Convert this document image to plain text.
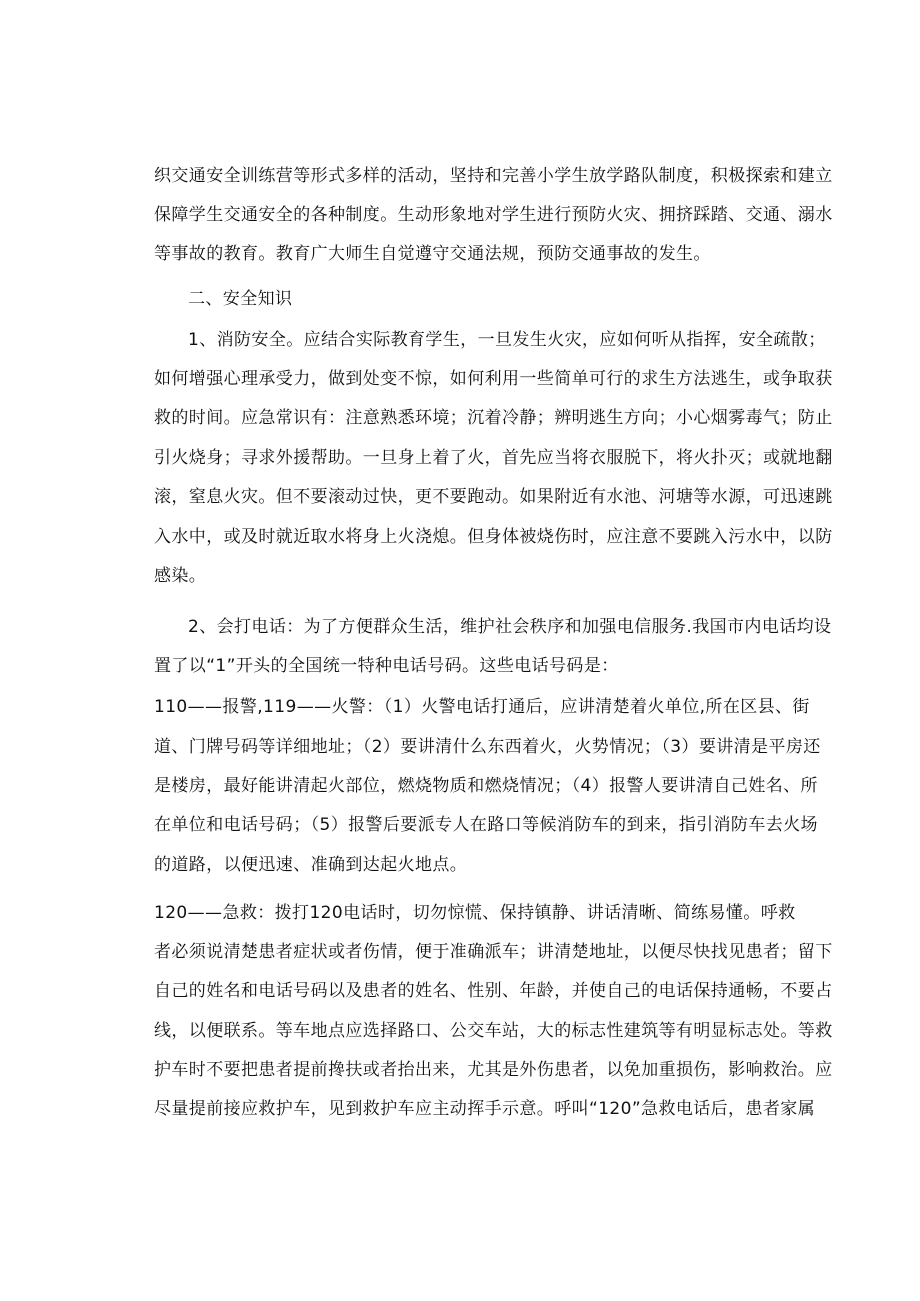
织交通安全训练营等形式多样的活动，坚持和完善小学生放学路队制度，积极探索和建立
保障学生交通安全的各种制度。生动形象地对学生进行预防火灾、拥挤踩踏、交通、溺水
等事故的教育。教育广大师生自觉遵守交通法规，预防交通事故的发生。
二、安全知识
1、消防安全。应结合实际教育学生，一旦发生火灾，应如何听从指挥，安全疏散；
如何增强心理承受力，做到处变不惊，如何利用一些简单可行的求生方法逃生，或争取获
救的时间。应急常识有：注意熟悉环境；沉着冷静；辨明逃生方向；小心烟雾毒气；防止
引火烧身；寻求外援帮助。一旦身上着了火，首先应当将衣服脱下，将火扑灭；或就地翻
滚，窒息火灾。但不要滚动过快，更不要跑动。如果附近有水池、河塘等水源，可迅速跳
入水中，或及时就近取水将身上火浇熄。但身体被烧伤时，应注意不要跳入污水中，以防
感染。
2、会打电话：为了方便群众生活，维护社会秩序和加强电信服务.我国市内电话均设
置了以“1”开头的全国统一特种电话号码。这些电话号码是：
110——报警,119——火警：（1）火警电话打通后，应讲清楚着火单位,所在区县、街
道、门牌号码等详细地址；（2）要讲清什么东西着火，火势情况；（3）要讲清是平房还
是楼房，最好能讲清起火部位，燃烧物质和燃烧情况；（4）报警人要讲清自己姓名、所
在单位和电话号码；（5）报警后要派专人在路口等候消防车的到来，指引消防车去火场
的道路，以便迅速、准确到达起火地点。
120——急救：拨打120电话时，切勿惊慌、保持镇静、讲话清晰、简练易懂。呼救
者必须说清楚患者症状或者伤情，便于准确派车；讲清楚地址，以便尽快找见患者；留下
自己的姓名和电话号码以及患者的姓名、性别、年龄，并使自己的电话保持通畅，不要占
线，以便联系。等车地点应选择路口、公交车站，大的标志性建筑等有明显标志处。等救
护车时不要把患者提前搀扶或者抬出来，尤其是外伤患者，以免加重损伤，影响救治。应
尽量提前接应救护车，见到救护车应主动挥手示意。呼叫“120”急救电话后，患者家属
